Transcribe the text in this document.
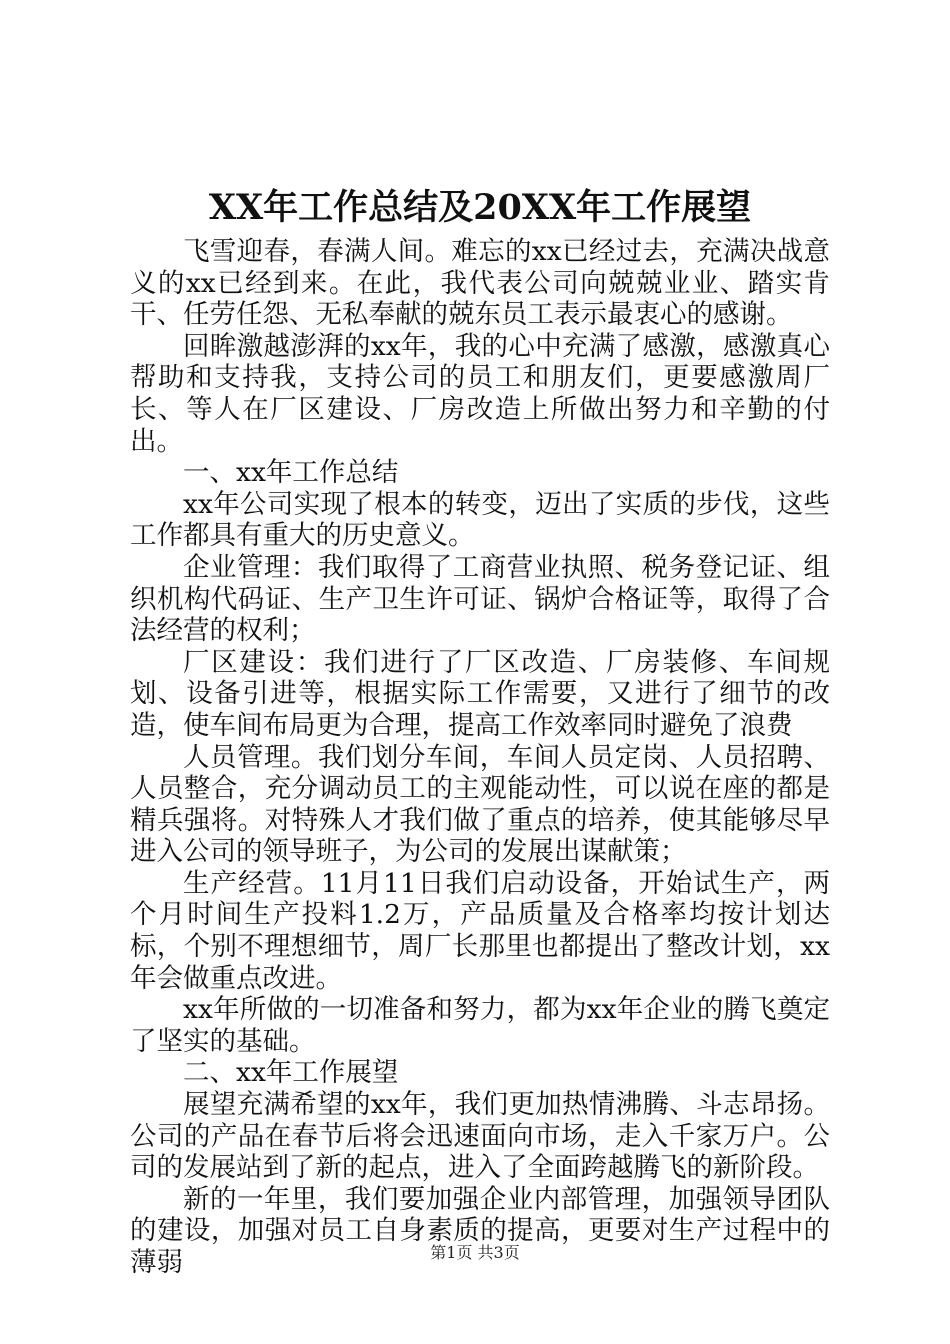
XX年工作总结及20XX年工作展望

飞雪迎春，春满人间。难忘的xx已经过去，充满决战意义的xx已经到来。在此，我代表公司向兢兢业业、踏实肯干、任劳任怨、无私奉献的兢东员工表示最衷心的感谢。

回眸激越澎湃的xx年，我的心中充满了感激，感激真心帮助和支持我，支持公司的员工和朋友们，更要感激周厂长、等人在厂区建设、厂房改造上所做出努力和辛勤的付出。

一、xx年工作总结

xx年公司实现了根本的转变，迈出了实质的步伐，这些工作都具有重大的历史意义。

企业管理：我们取得了工商营业执照、税务登记证、组织机构代码证、生产卫生许可证、锅炉合格证等，取得了合法经营的权利；

厂区建设：我们进行了厂区改造、厂房装修、车间规划、设备引进等，根据实际工作需要，又进行了细节的改造，使车间布局更为合理，提高工作效率同时避免了浪费

人员管理。我们划分车间，车间人员定岗、人员招聘、人员整合，充分调动员工的主观能动性，可以说在座的都是精兵强将。对特殊人才我们做了重点的培养，使其能够尽早进入公司的领导班子，为公司的发展出谋献策；

生产经营。11月11日我们启动设备，开始试生产，两个月时间生产投料1.2万，产品质量及合格率均按计划达标，个别不理想细节，周厂长那里也都提出了整改计划，xx年会做重点改进。

xx年所做的一切准备和努力，都为xx年企业的腾飞奠定了坚实的基础。

二、xx年工作展望

展望充满希望的xx年，我们更加热情沸腾、斗志昂扬。公司的产品在春节后将会迅速面向市场，走入千家万户。公司的发展站到了新的起点，进入了全面跨越腾飞的新阶段。

新的一年里，我们要加强企业内部管理，加强领导团队的建设，加强对员工自身素质的提高，更要对生产过程中的薄弱	第1页 共3页
